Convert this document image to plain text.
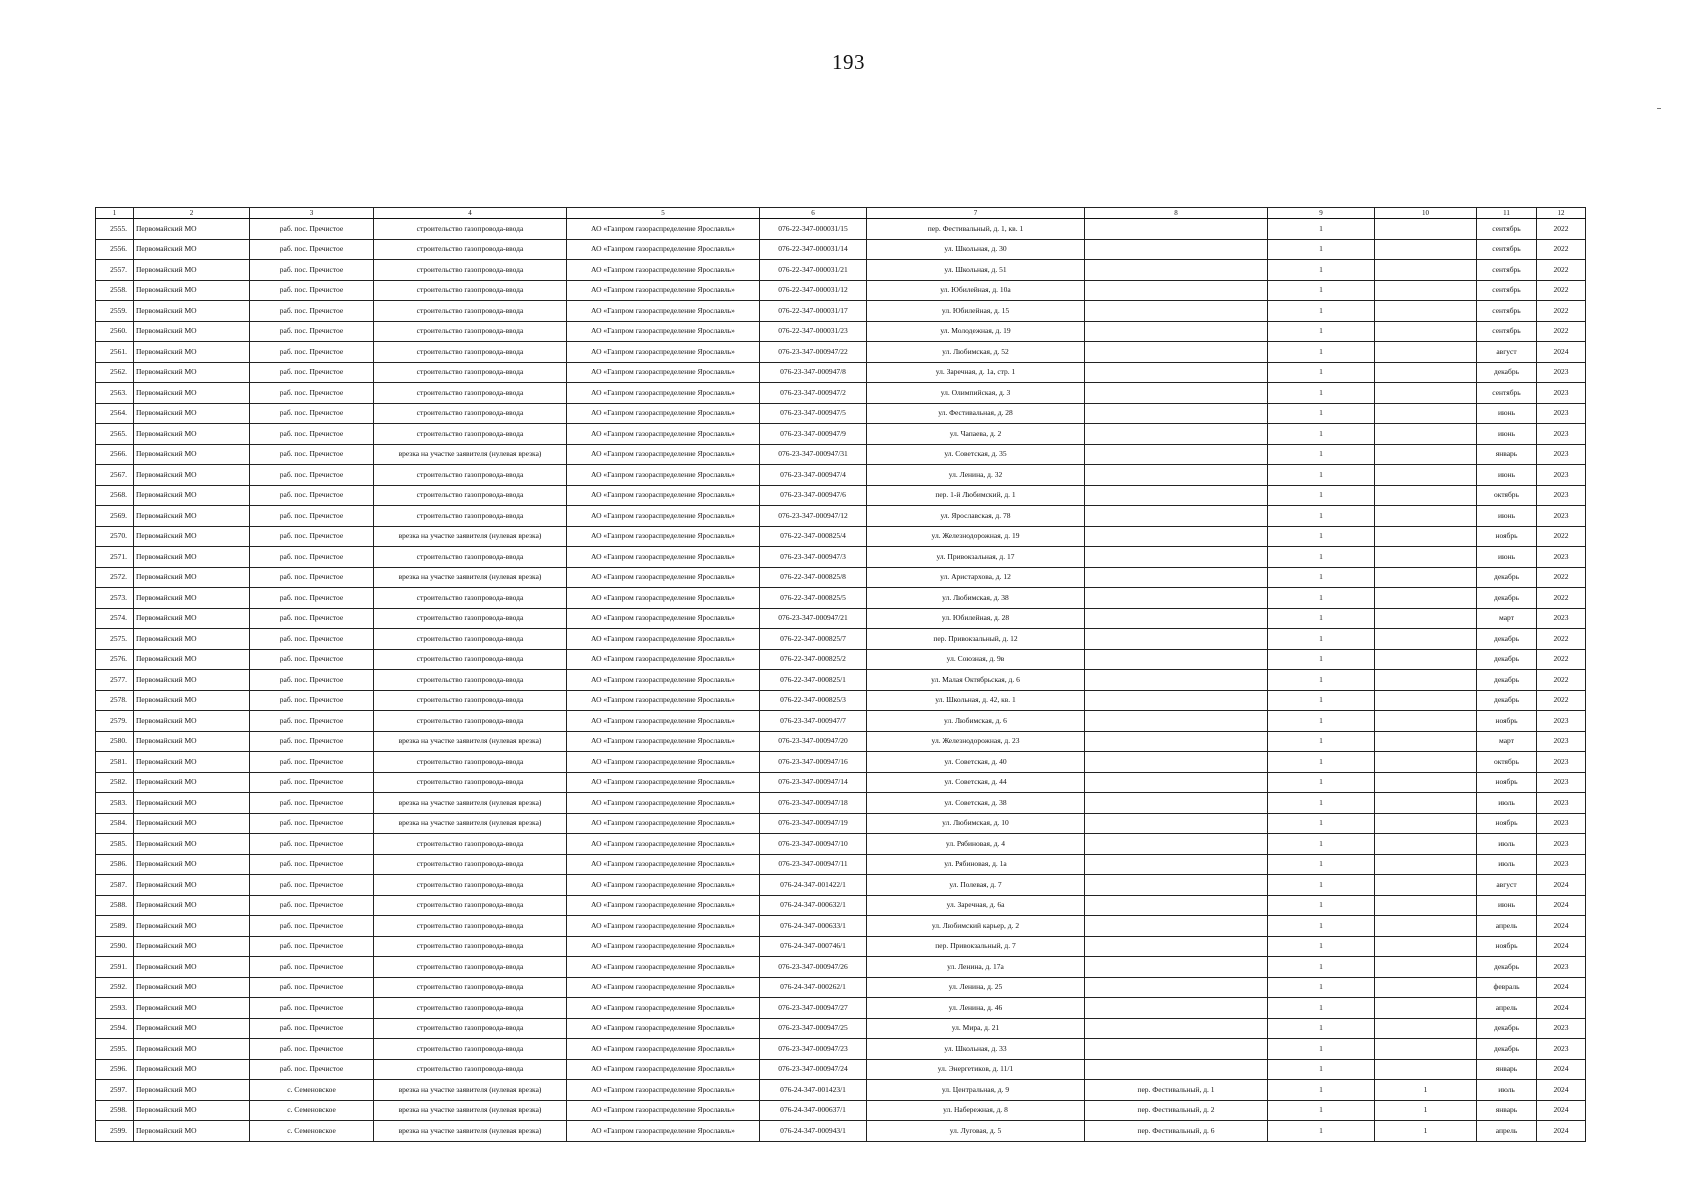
193
1	2	3	4	5	6	7	8	9	10	11	12
2555.	Первомайский МО	раб. пос. Пречистое	строительство газопровода-ввода	АО «Газпром газораспределение Ярославль»	076-22-347-000031/15	пер. Фестивальный, д. 1, кв. 1		1		сентябрь	2022
2556.	Первомайский МО	раб. пос. Пречистое	строительство газопровода-ввода	АО «Газпром газораспределение Ярославль»	076-22-347-000031/14	ул. Школьная, д. 30		1		сентябрь	2022
2557.	Первомайский МО	раб. пос. Пречистое	строительство газопровода-ввода	АО «Газпром газораспределение Ярославль»	076-22-347-000031/21	ул. Школьная, д. 51		1		сентябрь	2022
2558.	Первомайский МО	раб. пос. Пречистое	строительство газопровода-ввода	АО «Газпром газораспределение Ярославль»	076-22-347-000031/12	ул. Юбилейная, д. 10а		1		сентябрь	2022
2559.	Первомайский МО	раб. пос. Пречистое	строительство газопровода-ввода	АО «Газпром газораспределение Ярославль»	076-22-347-000031/17	ул. Юбилейная, д. 15		1		сентябрь	2022
2560.	Первомайский МО	раб. пос. Пречистое	строительство газопровода-ввода	АО «Газпром газораспределение Ярославль»	076-22-347-000031/23	ул. Молодежная, д. 19		1		сентябрь	2022
2561.	Первомайский МО	раб. пос. Пречистое	строительство газопровода-ввода	АО «Газпром газораспределение Ярославль»	076-23-347-000947/22	ул. Любимская, д. 52		1		август	2024
2562.	Первомайский МО	раб. пос. Пречистое	строительство газопровода-ввода	АО «Газпром газораспределение Ярославль»	076-23-347-000947/8	ул. Заречная, д. 1а, стр. 1		1		декабрь	2023
2563.	Первомайский МО	раб. пос. Пречистое	строительство газопровода-ввода	АО «Газпром газораспределение Ярославль»	076-23-347-000947/2	ул. Олимпийская, д. 3		1		сентябрь	2023
2564.	Первомайский МО	раб. пос. Пречистое	строительство газопровода-ввода	АО «Газпром газораспределение Ярославль»	076-23-347-000947/5	ул. Фестивальная, д. 28		1		июнь	2023
2565.	Первомайский МО	раб. пос. Пречистое	строительство газопровода-ввода	АО «Газпром газораспределение Ярославль»	076-23-347-000947/9	ул. Чапаева, д. 2		1		июнь	2023
2566.	Первомайский МО	раб. пос. Пречистое	врезка на участке заявителя (нулевая врезка)	АО «Газпром газораспределение Ярославль»	076-23-347-000947/31	ул. Советская, д. 35		1		январь	2023
2567.	Первомайский МО	раб. пос. Пречистое	строительство газопровода-ввода	АО «Газпром газораспределение Ярославль»	076-23-347-000947/4	ул. Ленина, д. 32		1		июнь	2023
2568.	Первомайский МО	раб. пос. Пречистое	строительство газопровода-ввода	АО «Газпром газораспределение Ярославль»	076-23-347-000947/6	пер. 1-й Любимский, д. 1		1		октябрь	2023
2569.	Первомайский МО	раб. пос. Пречистое	строительство газопровода-ввода	АО «Газпром газораспределение Ярославль»	076-23-347-000947/12	ул. Ярославская, д. 78		1		июнь	2023
2570.	Первомайский МО	раб. пос. Пречистое	врезка на участке заявителя (нулевая врезка)	АО «Газпром газораспределение Ярославль»	076-22-347-000825/4	ул. Железнодорожная, д. 19		1		ноябрь	2022
2571.	Первомайский МО	раб. пос. Пречистое	строительство газопровода-ввода	АО «Газпром газораспределение Ярославль»	076-23-347-000947/3	ул. Привокзальная, д. 17		1		июнь	2023
2572.	Первомайский МО	раб. пос. Пречистое	врезка на участке заявителя (нулевая врезка)	АО «Газпром газораспределение Ярославль»	076-22-347-000825/8	ул. Аристархова, д. 12		1		декабрь	2022
2573.	Первомайский МО	раб. пос. Пречистое	строительство газопровода-ввода	АО «Газпром газораспределение Ярославль»	076-22-347-000825/5	ул. Любимская, д. 38		1		декабрь	2022
2574.	Первомайский МО	раб. пос. Пречистое	строительство газопровода-ввода	АО «Газпром газораспределение Ярославль»	076-23-347-000947/21	ул. Юбилейная, д. 28		1		март	2023
2575.	Первомайский МО	раб. пос. Пречистое	строительство газопровода-ввода	АО «Газпром газораспределение Ярославль»	076-22-347-000825/7	пер. Привокзальный, д. 12		1		декабрь	2022
2576.	Первомайский МО	раб. пос. Пречистое	строительство газопровода-ввода	АО «Газпром газораспределение Ярославль»	076-22-347-000825/2	ул. Союзная, д. 9в		1		декабрь	2022
2577.	Первомайский МО	раб. пос. Пречистое	строительство газопровода-ввода	АО «Газпром газораспределение Ярославль»	076-22-347-000825/1	ул. Малая Октябрьская, д. 6		1		декабрь	2022
2578.	Первомайский МО	раб. пос. Пречистое	строительство газопровода-ввода	АО «Газпром газораспределение Ярославль»	076-22-347-000825/3	ул. Школьная, д. 42, кв. 1		1		декабрь	2022
2579.	Первомайский МО	раб. пос. Пречистое	строительство газопровода-ввода	АО «Газпром газораспределение Ярославль»	076-23-347-000947/7	ул. Любимская, д. 6		1		ноябрь	2023
2580.	Первомайский МО	раб. пос. Пречистое	врезка на участке заявителя (нулевая врезка)	АО «Газпром газораспределение Ярославль»	076-23-347-000947/20	ул. Железнодорожная, д. 23		1		март	2023
2581.	Первомайский МО	раб. пос. Пречистое	строительство газопровода-ввода	АО «Газпром газораспределение Ярославль»	076-23-347-000947/16	ул. Советская, д. 40		1		октябрь	2023
2582.	Первомайский МО	раб. пос. Пречистое	строительство газопровода-ввода	АО «Газпром газораспределение Ярославль»	076-23-347-000947/14	ул. Советская, д. 44		1		ноябрь	2023
2583.	Первомайский МО	раб. пос. Пречистое	врезка на участке заявителя (нулевая врезка)	АО «Газпром газораспределение Ярославль»	076-23-347-000947/18	ул. Советская, д. 38		1		июль	2023
2584.	Первомайский МО	раб. пос. Пречистое	врезка на участке заявителя (нулевая врезка)	АО «Газпром газораспределение Ярославль»	076-23-347-000947/19	ул. Любимская, д. 10		1		ноябрь	2023
2585.	Первомайский МО	раб. пос. Пречистое	строительство газопровода-ввода	АО «Газпром газораспределение Ярославль»	076-23-347-000947/10	ул. Рябиновая, д. 4		1		июль	2023
2586.	Первомайский МО	раб. пос. Пречистое	строительство газопровода-ввода	АО «Газпром газораспределение Ярославль»	076-23-347-000947/11	ул. Рябиновая, д. 1а		1		июль	2023
2587.	Первомайский МО	раб. пос. Пречистое	строительство газопровода-ввода	АО «Газпром газораспределение Ярославль»	076-24-347-001422/1	ул. Полевая, д. 7		1		август	2024
2588.	Первомайский МО	раб. пос. Пречистое	строительство газопровода-ввода	АО «Газпром газораспределение Ярославль»	076-24-347-000632/1	ул. Заречная, д. 6а		1		июнь	2024
2589.	Первомайский МО	раб. пос. Пречистое	строительство газопровода-ввода	АО «Газпром газораспределение Ярославль»	076-24-347-000633/1	ул. Любимский карьер, д. 2		1		апрель	2024
2590.	Первомайский МО	раб. пос. Пречистое	строительство газопровода-ввода	АО «Газпром газораспределение Ярославль»	076-24-347-000746/1	пер. Привокзальный, д. 7		1		ноябрь	2024
2591.	Первомайский МО	раб. пос. Пречистое	строительство газопровода-ввода	АО «Газпром газораспределение Ярославль»	076-23-347-000947/26	ул. Ленина, д. 17а		1		декабрь	2023
2592.	Первомайский МО	раб. пос. Пречистое	строительство газопровода-ввода	АО «Газпром газораспределение Ярославль»	076-24-347-000262/1	ул. Ленина, д. 25		1		февраль	2024
2593.	Первомайский МО	раб. пос. Пречистое	строительство газопровода-ввода	АО «Газпром газораспределение Ярославль»	076-23-347-000947/27	ул. Ленина, д. 46		1		апрель	2024
2594.	Первомайский МО	раб. пос. Пречистое	строительство газопровода-ввода	АО «Газпром газораспределение Ярославль»	076-23-347-000947/25	ул. Мира, д. 21		1		декабрь	2023
2595.	Первомайский МО	раб. пос. Пречистое	строительство газопровода-ввода	АО «Газпром газораспределение Ярославль»	076-23-347-000947/23	ул. Школьная, д. 33		1		декабрь	2023
2596.	Первомайский МО	раб. пос. Пречистое	строительство газопровода-ввода	АО «Газпром газораспределение Ярославль»	076-23-347-000947/24	ул. Энергетиков, д. 11/1		1		январь	2024
2597.	Первомайский МО	с. Семеновское	врезка на участке заявителя (нулевая врезка)	АО «Газпром газораспределение Ярославль»	076-24-347-001423/1	ул. Центральная, д. 9	пер. Фестивальный, д. 1	1	1	июль	2024
2598.	Первомайский МО	с. Семеновское	врезка на участке заявителя (нулевая врезка)	АО «Газпром газораспределение Ярославль»	076-24-347-000637/1	ул. Набережная, д. 8	пер. Фестивальный, д. 2	1	1	январь	2024
2599.	Первомайский МО	с. Семеновское	врезка на участке заявителя (нулевая врезка)	АО «Газпром газораспределение Ярославль»	076-24-347-000943/1	ул. Луговая, д. 5	пер. Фестивальный, д. 6	1	1	апрель	2024
